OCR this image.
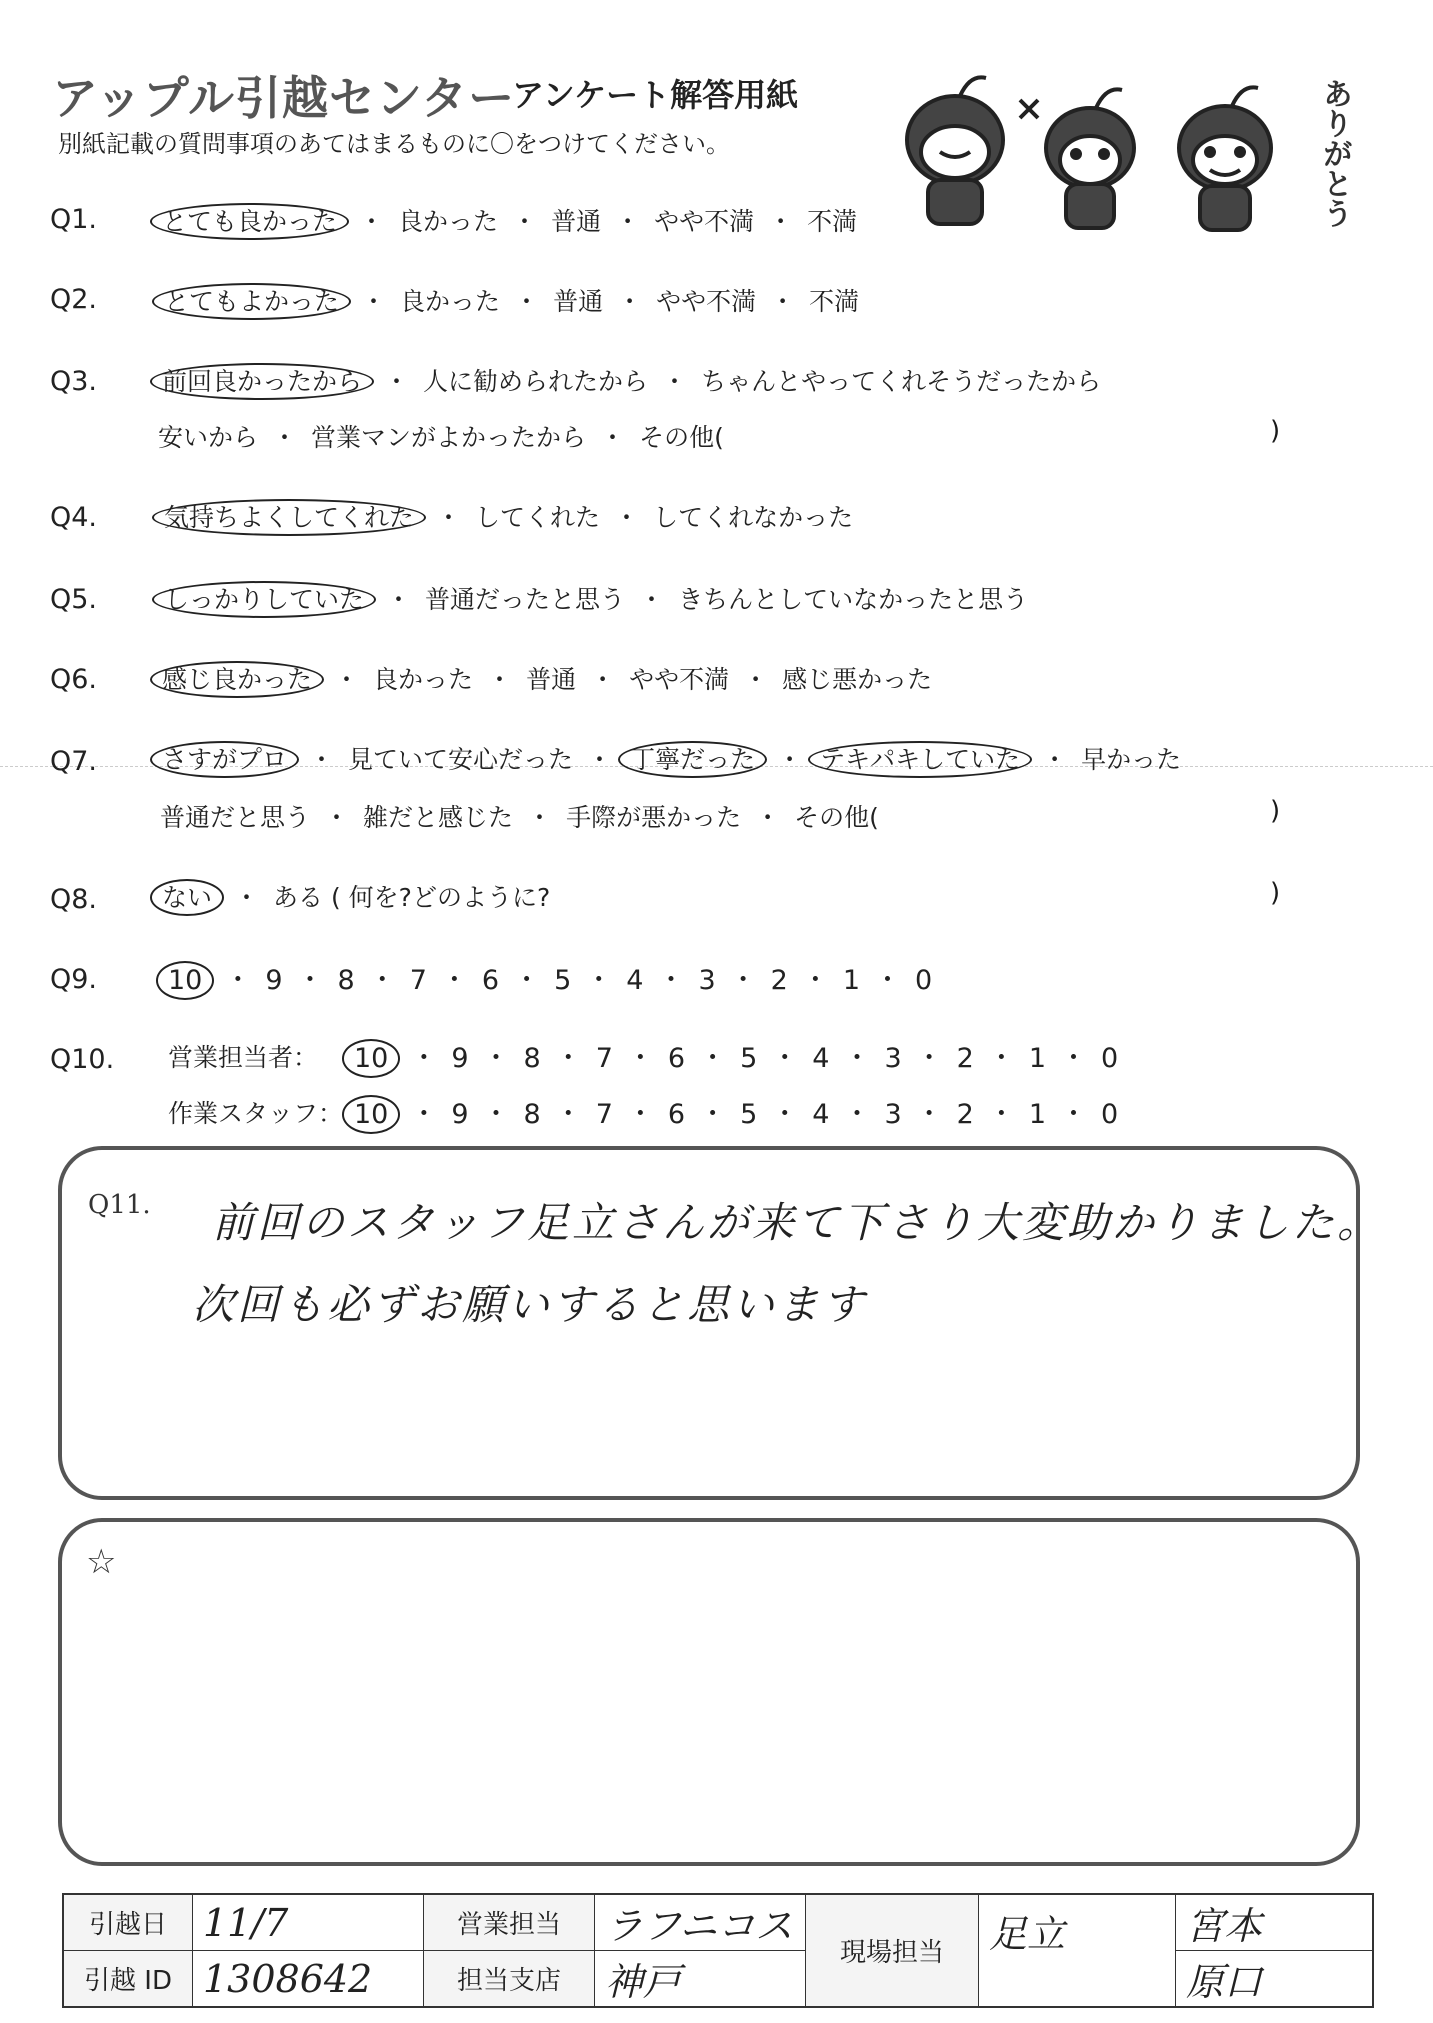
アップル引越センター
アンケート解答用紙
別紙記載の質問事項のあてはまるものに〇をつけてください。	ありがとう
Q1.	とても良かった ・ 良かった ・ 普通 ・ やや不満 ・ 不満
Q2.	とてもよかった ・ 良かった ・ 普通 ・ やや不満 ・ 不満
Q3.	前回良かったから ・ 人に勧められたから ・ ちゃんとやってくれそうだったから
安いから ・ 営業マンがよかったから ・ その他(	)
Q4.	気持ちよくしてくれた ・ してくれた ・ してくれなかった
Q5.	しっかりしていた ・ 普通だったと思う ・ きちんとしていなかったと思う
Q6.	感じ良かった ・ 良かった ・ 普通 ・ やや不満 ・ 感じ悪かった
Q7.	さすがプロ ・ 見ていて安心だった ・ 丁寧だった ・ テキパキしていた ・ 早かった
普通だと思う ・ 雑だと感じた ・ 手際が悪かった ・ その他(	)
Q8.	ない ・ ある ( 何を?どのように?	)
Q9.	10 ・ 9 ・ 8 ・ 7 ・ 6 ・ 5 ・ 4 ・ 3 ・ 2 ・ 1 ・ 0
Q10. 営業担当者： 10 ・ 9 ・ 8 ・ 7 ・ 6 ・ 5 ・ 4 ・ 3 ・ 2 ・ 1 ・ 0
作業スタッフ： 10 ・ 9 ・ 8 ・ 7 ・ 6 ・ 5 ・ 4 ・ 3 ・ 2 ・ 1 ・ 0
Q11. 前回のスタッフ足立さんが来て下さり大変助かりました。
次回も必ずお願いすると思います
☆
引越日	11/7	営業担当	ラフニコス	現場担当	足立	宮本
引越 ID	1308642	担当支店	神戸			原口
